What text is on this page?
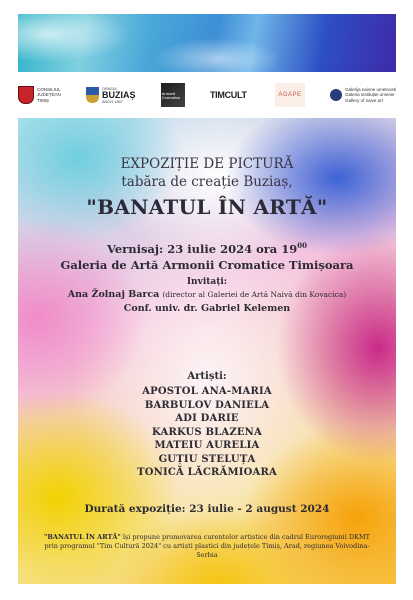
CONSILIUL
JUDEȚEAN
TIMIȘ
ORAȘUL
BUZIAȘ
ANOO 1367
Armonii Cromatice	TIMCULT	AGAPE
Galerija naivne umetnosti
Galeria instituției umenie
Gallery of naive art
EXPOZIȚIE DE PICTURĂ
tabăra de creație Buziaș,
"BANATUL ÎN ARTĂ"
Vernisaj: 23 iulie 2024 ora $19^{00}$
Galeria de Artă Armonii Cromatice Timișoara
Invitați:
Ana Žolnaj Barca (director al Galeriei de Artă Naivă din Kovacica)
Conf. univ. dr. Gabriel Kelemen
Artiști:
APOSTOL ANA-MARIA
BARBULOV DANIELA
ADI DARIE
KARKUS BLAZENA
MATEIU AURELIA
GUȚIU STELUȚA
TONICĂ LĂCRĂMIOARA
Durată expoziție: 23 iulie - 2 august 2024
"BANATUL ÎN ARTĂ" își propune promovarea curentelor artistice din cadrul Euroregiunii DKMT
prin programul "Tim Cultură 2024" cu artiști plastici din județele Timiș, Arad, regiunea Voivodina-Serbia
